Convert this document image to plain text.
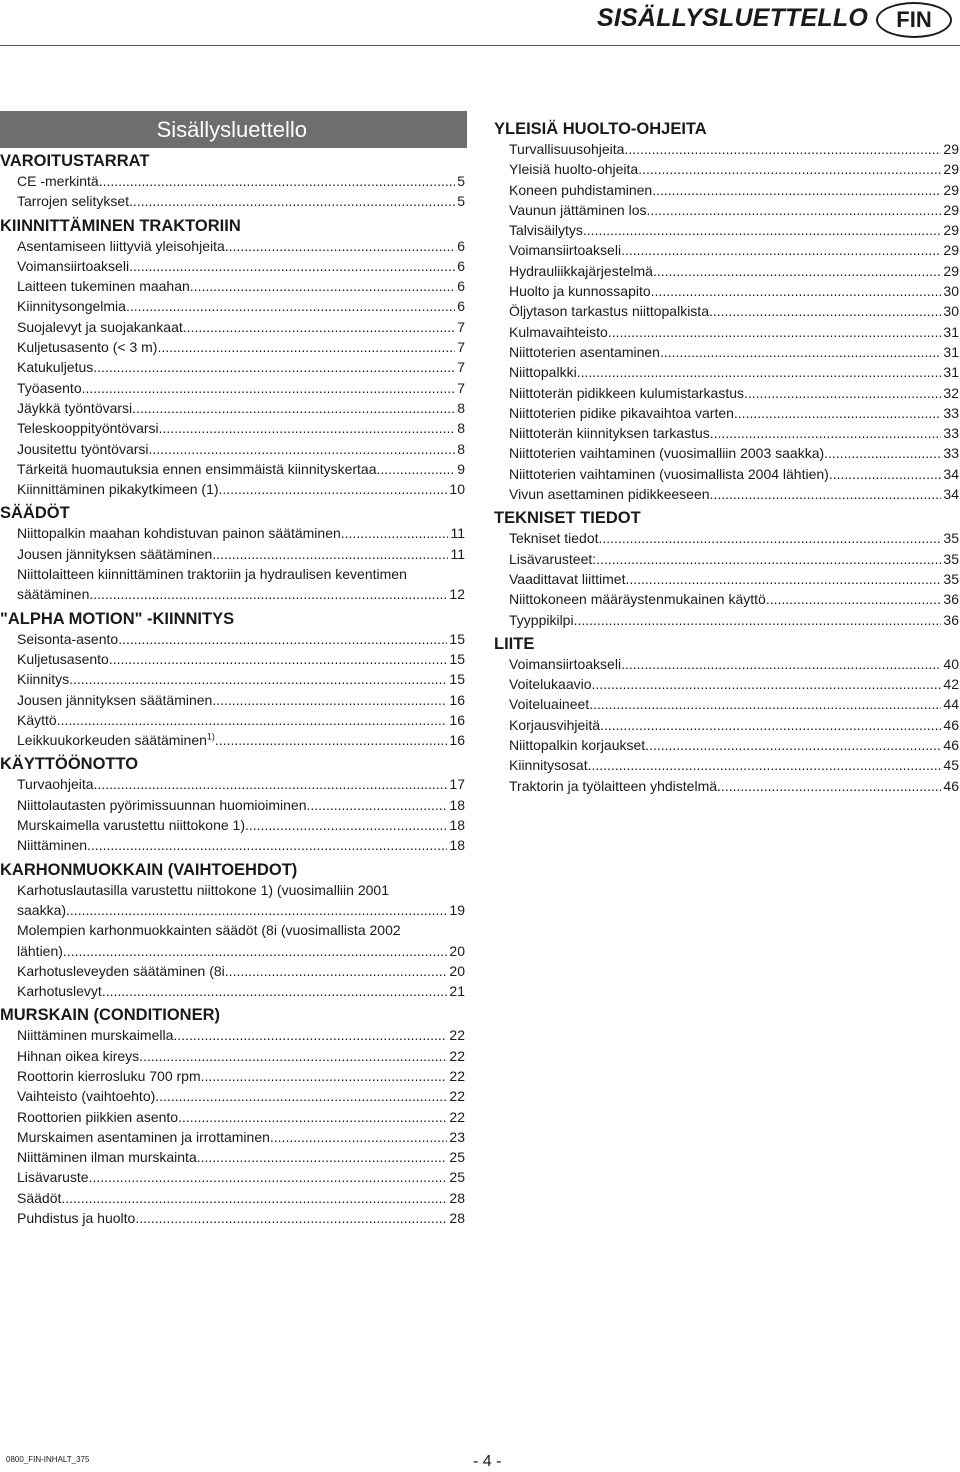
SISÄLLYSLUETTELLO	FIN
Sisällysluettello
VAROITUSTARRAT
CE -merkintä .....	5
Tarrojen selitykset .....	5
KIINNITTÄMINEN TRAKTORIIN
Asentamiseen liittyviä yleisohjeita .....	6
Voimansiirtoakseli .....	6
Laitteen tukeminen maahan .....	6
Kiinnitysongelmia .....	6
Suojalevyt ja suojakankaat .....	7
Kuljetusasento (< 3 m) .....	7
Katukuljetus .....	7
Työasento .....	7
Jäykkä työntövarsi .....	8
Teleskooppityöntövarsi .....	8
Jousitettu työntövarsi .....	8
Tärkeitä huomautuksia ennen ensimmäistä kiinnityskertaa .....	9
Kiinnittäminen pikakytkimeen (1) .....	10
SÄÄDÖT
Niittopalkin maahan kohdistuvan painon säätäminen .....	11
Jousen jännityksen säätäminen .....	11
Niittolaitteen kiinnittäminen traktoriin ja hydraulisen keventimen
säätäminen .....	12
"ALPHA MOTION" -KIINNITYS
Seisonta-asento .....	15
Kuljetusasento .....	15
Kiinnitys .....	15
Jousen jännityksen säätäminen .....	16
Käyttö .....	16
Leikkuukorkeuden säätäminen$^{1)}$ .....	16
KÄYTTÖÖNOTTO
Turvaohjeita .....	17
Niittolautasten pyörimissuunnan huomioiminen .....	18
Murskaimella varustettu niittokone 1) .....	18
Niittäminen .....	18
KARHONMUOKKAIN (VAIHTOEHDOT)
Karhotuslautasilla varustettu niittokone 1) (vuosimalliin 2001
saakka) .....	19
Molempien karhonmuokkainten säädöt (8i (vuosimallista 2002
lähtien) .....	20
Karhotusleveyden säätäminen (8i .....	20
Karhotuslevyt .....	21
MURSKAIN (CONDITIONER)
Niittäminen murskaimella .....	22
Hihnan oikea kireys .....	22
Roottorin kierrosluku 700 rpm .....	22
Vaihteisto (vaihtoehto) .....	22
Roottorien piikkien asento .....	22
Murskaimen asentaminen ja irrottaminen .....	23
Niittäminen ilman murskainta .....	25
Lisävaruste .....	25
Säädöt .....	28
Puhdistus ja huolto .....	28
YLEISIÄ HUOLTO-OHJEITA
Turvallisuusohjeita .....	29
Yleisiä huolto-ohjeita .....	29
Koneen puhdistaminen .....	29
Vaunun jättäminen los .....	29
Talvisäilytys .....	29
Voimansiirtoakseli .....	29
Hydrauliikkajärjestelmä .....	29
Huolto ja kunnossapito .....	30
Öljytason tarkastus niittopalkista .....	30
Kulmavaihteisto .....	31
Niittoterien asentaminen .....	31
Niittopalkki .....	31
Niittoterän pidikkeen kulumistarkastus .....	32
Niittoterien pidike pikavaihtoa varten .....	33
Niittoterän kiinnityksen tarkastus .....	33
Niittoterien vaihtaminen (vuosimalliin 2003 saakka) .....	33
Niittoterien vaihtaminen (vuosimallista 2004 lähtien) .....	34
Vivun asettaminen pidikkeeseen .....	34
TEKNISET TIEDOT
Tekniset tiedot .....	35
Lisävarusteet: .....	35
Vaadittavat liittimet .....	35
Niittokoneen määräystenmukainen käyttö .....	36
Tyyppikilpi .....	36
LIITE
Voimansiirtoakseli .....	40
Voitelukaavio .....	42
Voiteluaineet .....	44
Korjausvihjeitä .....	46
Niittopalkin korjaukset .....	46
Kiinnitysosat .....	45
Traktorin ja työlaitteen yhdistelmä .....	46
0800_FIN-INHALT_375	- 4 -
